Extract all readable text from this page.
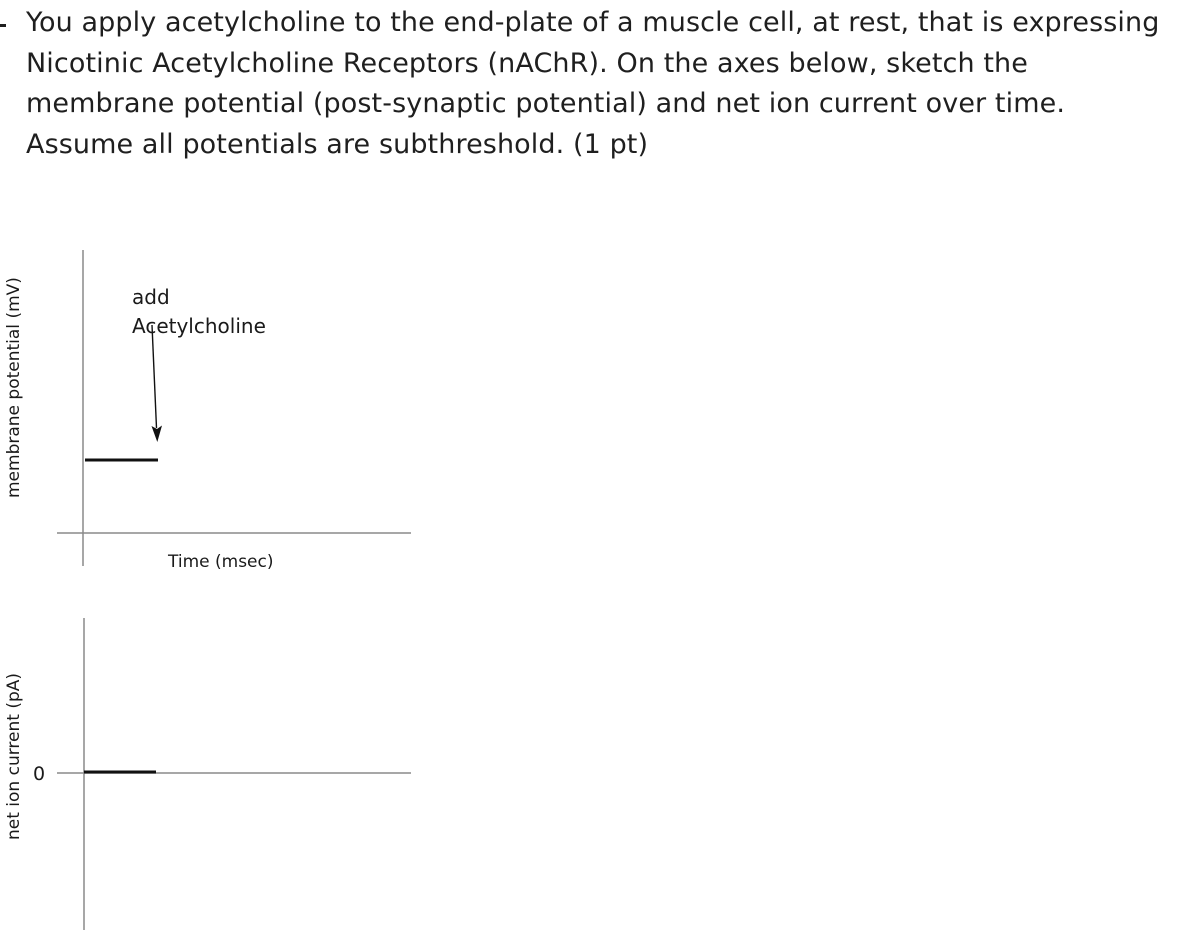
You apply acetylcholine to the end-plate of a muscle cell, at rest, that is expressing Nicotinic Acetylcholine Receptors (nAChR). On the axes below, sketch the membrane potential (post-synaptic potential) and net ion current over time. Assume all potentials are subthreshold. (1 pt)

add
Acetylcholine
Time (msec)
membrane potential (mV)
0
net ion current (pA)
